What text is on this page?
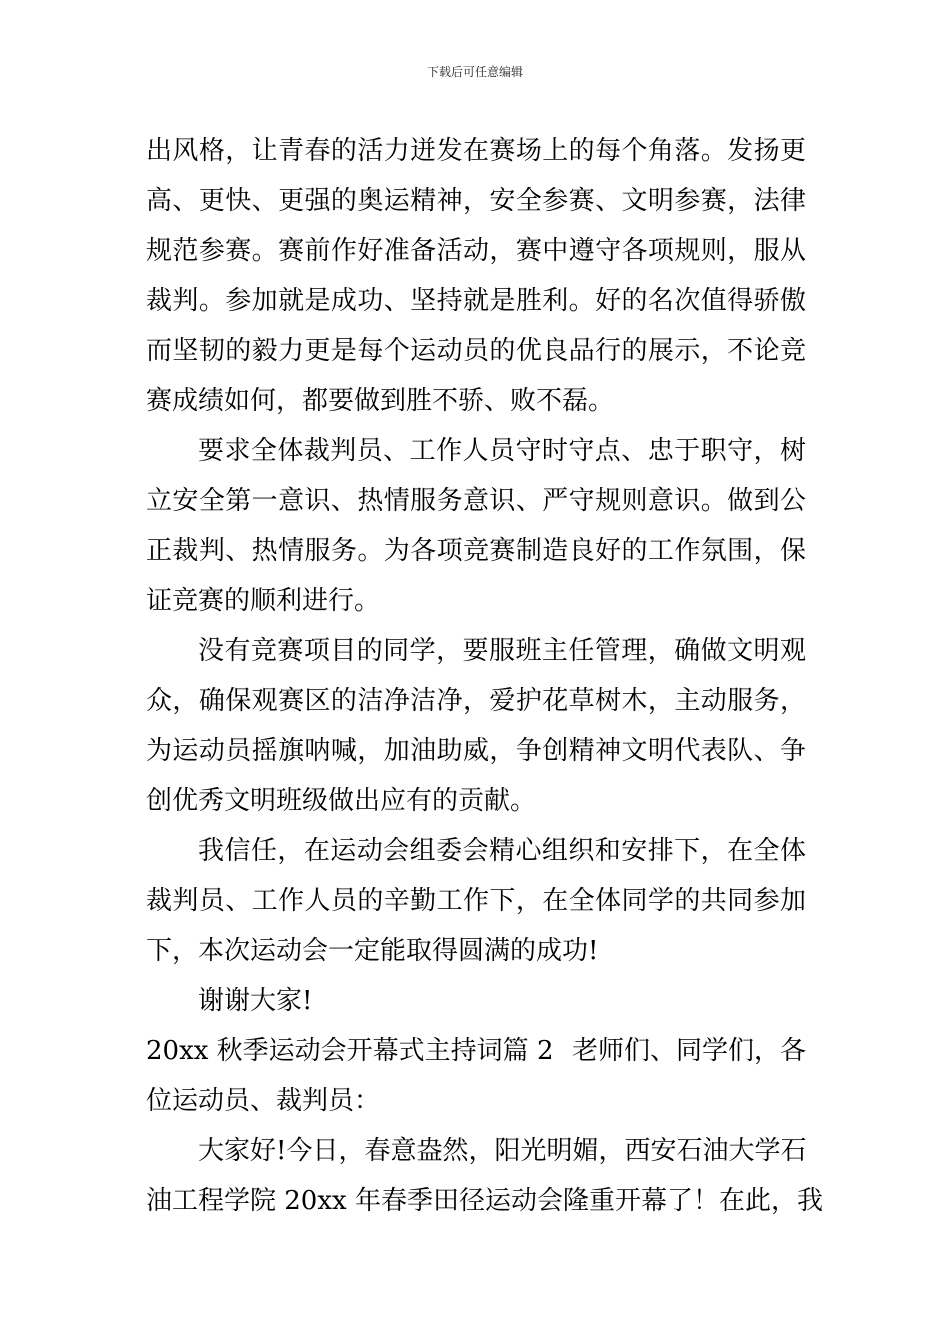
下载后可任意编辑
出风格，让青春的活力迸发在赛场上的每个角落。发扬更
高、更快、更强的奥运精神，安全参赛、文明参赛，法律
规范参赛。赛前作好准备活动，赛中遵守各项规则，服从
裁判。参加就是成功、坚持就是胜利。好的名次值得骄傲
而坚韧的毅力更是每个运动员的优良品行的展示，不论竞
赛成绩如何，都要做到胜不骄、败不磊。
要求全体裁判员、工作人员守时守点、忠于职守，树
立安全第一意识、热情服务意识、严守规则意识。做到公
正裁判、热情服务。为各项竞赛制造良好的工作氛围，保
证竞赛的顺利进行。
没有竞赛项目的同学，要服班主任管理，确做文明观
众，确保观赛区的洁净洁净，爱护花草树木，主动服务，
为运动员摇旗呐喊，加油助威，争创精神文明代表队、争
创优秀文明班级做出应有的贡献。
我信任，在运动会组委会精心组织和安排下，在全体
裁判员、工作人员的辛勤工作下，在全体同学的共同参加
下，本次运动会一定能取得圆满的成功!
谢谢大家!
20xx 秋季运动会开幕式主持词篇 2 老师们、同学们，各
位运动员、裁判员：
大家好!今日，春意盎然，阳光明媚，西安石油大学石
油工程学院 20xx 年春季田径运动会隆重开幕了！在此，我
